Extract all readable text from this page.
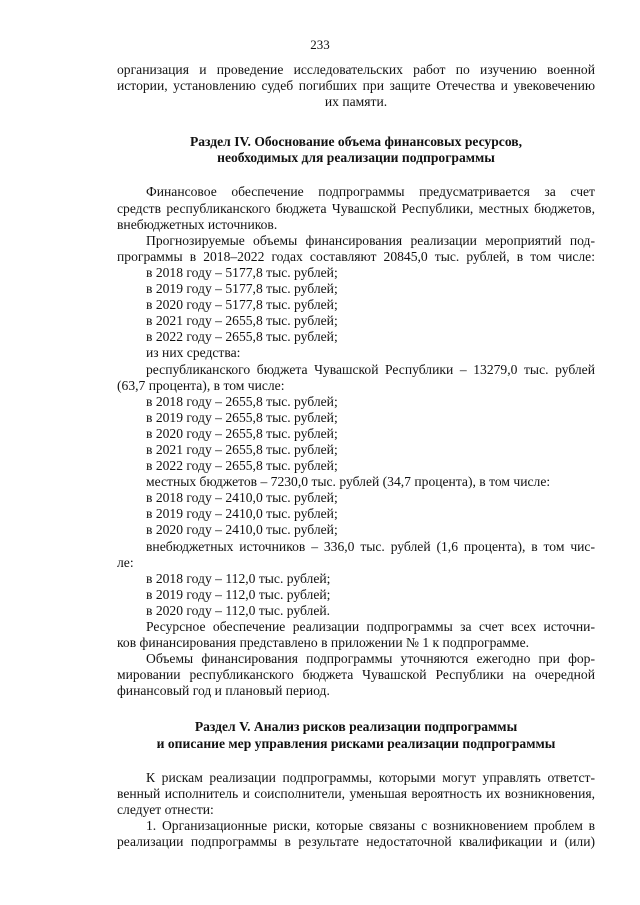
233

организация и проведение исследовательских работ по изучению военной

истории, установлению судеб погибших при защите Отечества и увековечению

их памяти.

Раздел IV. Обоснование объема финансовых ресурсов,

необходимых для реализации подпрограммы

Финансовое обеспечение подпрограммы предусматривается за счет

средств республиканского бюджета Чувашской Республики, местных бюджетов,

внебюджетных источников.

Прогнозируемые объемы финансирования реализации мероприятий под-

программы в 2018–2022 годах составляют 20845,0 тыс. рублей, в том числе:

в 2018 году – 5177,8 тыс. рублей;

в 2019 году – 5177,8 тыс. рублей;

в 2020 году – 5177,8 тыс. рублей;

в 2021 году – 2655,8 тыс. рублей;

в 2022 году – 2655,8 тыс. рублей;

из них средства:

республиканского бюджета Чувашской Республики – 13279,0 тыс. рублей

(63,7 процента), в том числе:

в 2018 году – 2655,8 тыс. рублей;

в 2019 году – 2655,8 тыс. рублей;

в 2020 году – 2655,8 тыс. рублей;

в 2021 году – 2655,8 тыс. рублей;

в 2022 году – 2655,8 тыс. рублей;

местных бюджетов – 7230,0 тыс. рублей (34,7 процента), в том числе:

в 2018 году – 2410,0 тыс. рублей;

в 2019 году – 2410,0 тыс. рублей;

в 2020 году – 2410,0 тыс. рублей;

внебюджетных источников – 336,0 тыс. рублей (1,6 процента), в том чис-

ле:

в 2018 году – 112,0 тыс. рублей;

в 2019 году – 112,0 тыс. рублей;

в 2020 году – 112,0 тыс. рублей.

Ресурсное обеспечение реализации подпрограммы за счет всех источни-

ков финансирования представлено в приложении № 1 к подпрограмме.

Объемы финансирования подпрограммы уточняются ежегодно при фор-

мировании республиканского бюджета Чувашской Республики на очередной

финансовый год и плановый период.

Раздел V. Анализ рисков реализации подпрограммы

и описание мер управления рисками реализации подпрограммы

К рискам реализации подпрограммы, которыми могут управлять ответст-

венный исполнитель и соисполнители, уменьшая вероятность их возникновения,

следует отнести:

1. Организационные риски, которые связаны с возникновением проблем в

реализации подпрограммы в результате недостаточной квалификации и (или)
